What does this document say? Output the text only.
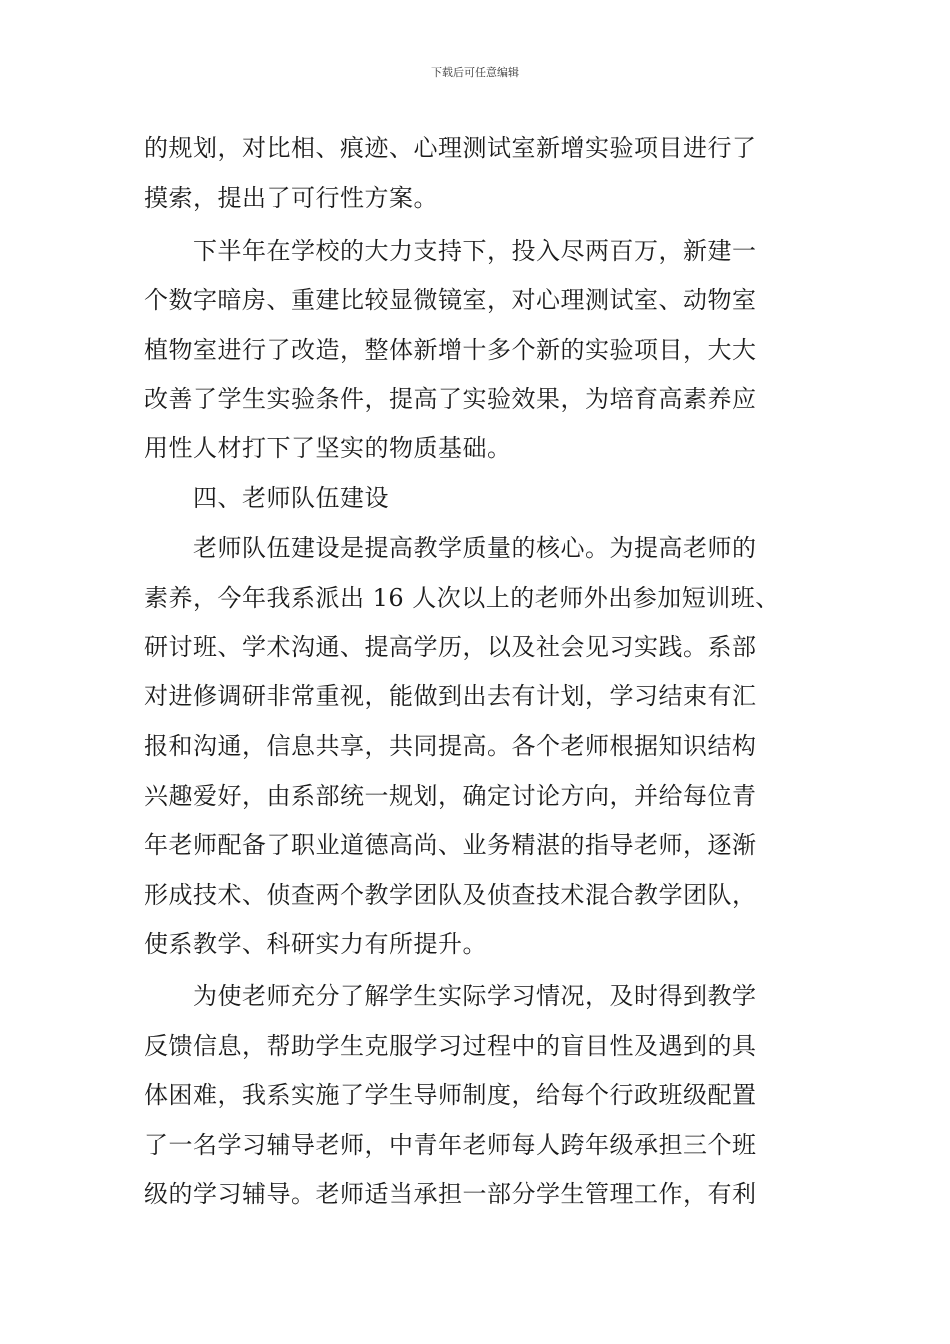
下载后可任意编辑
的规划，对比相、痕迹、心理测试室新增实验项目进行了
摸索，提出了可行性方案。
　　下半年在学校的大力支持下，投入尽两百万，新建一
个数字暗房、重建比较显微镜室，对心理测试室、动物室
植物室进行了改造，整体新增十多个新的实验项目，大大
改善了学生实验条件，提高了实验效果，为培育高素养应
用性人材打下了坚实的物质基础。
　　四、老师队伍建设
　　老师队伍建设是提高教学质量的核心。为提高老师的
素养，今年我系派出 16 人次以上的老师外出参加短训班、
研讨班、学术沟通、提高学历，以及社会见习实践。系部
对进修调研非常重视，能做到出去有计划，学习结束有汇
报和沟通，信息共享，共同提高。各个老师根据知识结构
兴趣爱好，由系部统一规划，确定讨论方向，并给每位青
年老师配备了职业道德高尚、业务精湛的指导老师，逐渐
形成技术、侦查两个教学团队及侦查技术混合教学团队，
使系教学、科研实力有所提升。
　　为使老师充分了解学生实际学习情况，及时得到教学
反馈信息，帮助学生克服学习过程中的盲目性及遇到的具
体困难，我系实施了学生导师制度，给每个行政班级配置
了一名学习辅导老师，中青年老师每人跨年级承担三个班
级的学习辅导。老师适当承担一部分学生管理工作，有利
